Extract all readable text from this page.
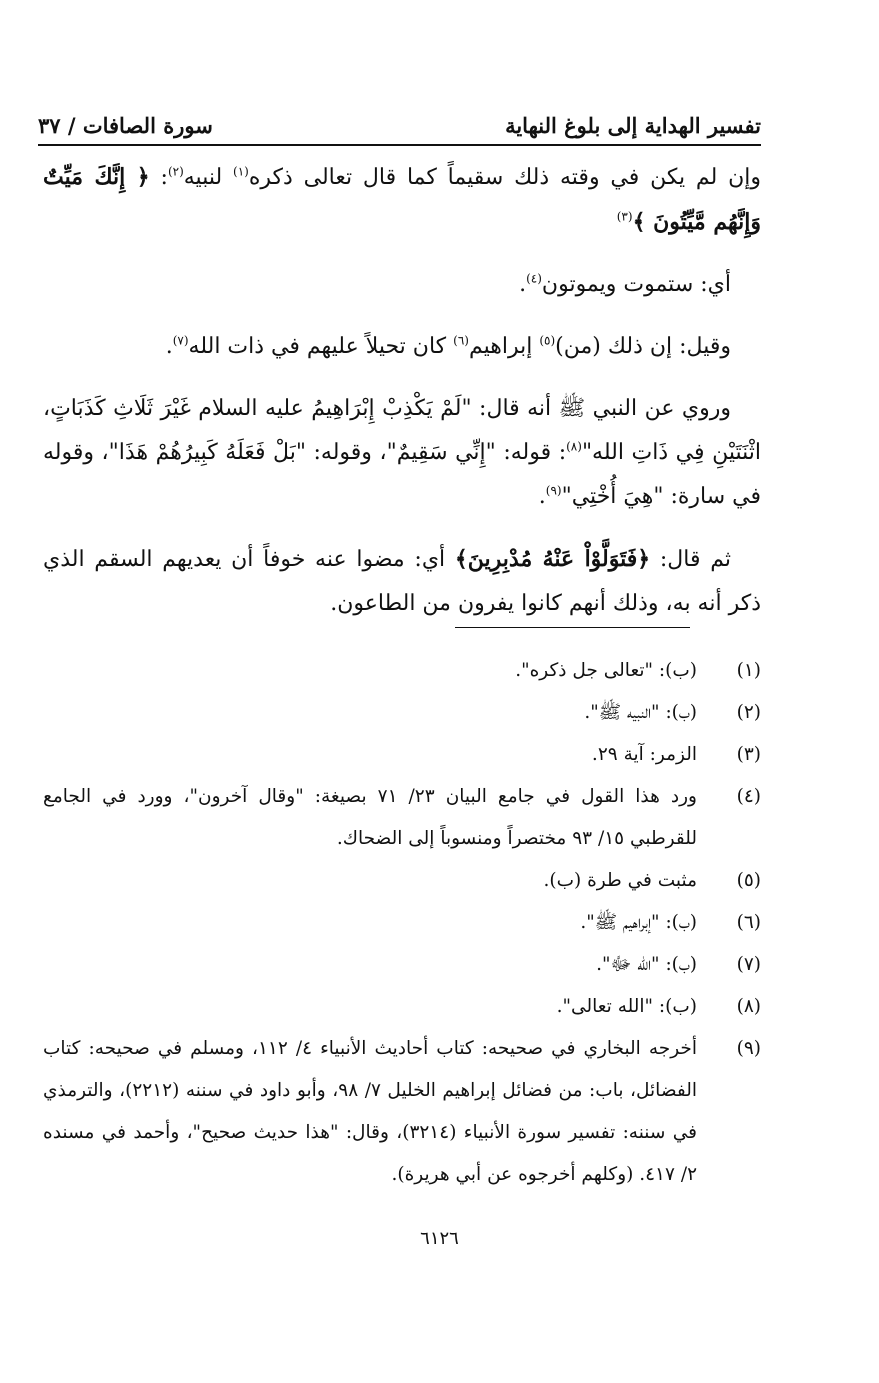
تفسير الهداية إلى بلوغ النهاية
سورة الصافات / ٣٧

وإن لم يكن في وقته ذلك سقيماً كما قال تعالى ذكره$^{(١)}$ لنبيه$^{(٢)}$: ﴿ إِنَّكَ مَيِّتٌ وَإِنَّهُم مَّيِّتُونَ ﴾$^{(٣)}$

أي: ستموت ويموتون$^{(٤)}$.

وقيل: إن ذلك (من)$^{(٥)}$ إبراهيم$^{(٦)}$ كان تحيلاً عليهم في ذات الله$^{(٧)}$.

وروي عن النبي ﷺ أنه قال: "لَمْ يَكْذِبْ إِبْرَاهِيمُ عليه السلام غَيْرَ ثَلَاثِ كَذَبَاتٍ، اثْنَتَيْنِ فِي ذَاتِ الله"$^{(٨)}$: قوله: "إِنِّي سَقِيمٌ"، وقوله: "بَلْ فَعَلَهُ كَبِيرُهُمْ هَذَا"، وقوله في سارة: "هِيَ أُخْتِي"$^{(٩)}$.

ثم قال: ﴿فَتَوَلَّوْاْ عَنْهُ مُدْبِرِينَ﴾ أي: مضوا عنه خوفاً أن يعديهم السقم الذي ذكر أنه به، وذلك أنهم كانوا يفرون من الطاعون.

(١)
(ب): "تعالى جل ذكره".
(٢)
(ب): "النبيه ﷺ".
(٣)
الزمر: آية ٢٩.
(٤)
ورد هذا القول في جامع البيان ٢٣/ ٧١ بصيغة: "وقال آخرون"، وورد في الجامع للقرطبي ١٥/ ٩٣ مختصراً ومنسوباً إلى الضحاك.
(٥)
مثبت في طرة (ب).
(٦)
(ب): "إبراهيم ﷺ".
(٧)
(ب): "الله ﷻ".
(٨)
(ب): "الله تعالى".
(٩)
أخرجه البخاري في صحيحه: كتاب أحاديث الأنبياء ٤/ ١١٢، ومسلم في صحيحه: كتاب الفضائل، باب: من فضائل إبراهيم الخليل ٧/ ٩٨، وأبو داود في سننه (٢٢١٢)، والترمذي في سننه: تفسير سورة الأنبياء (٣٢١٤)، وقال: "هذا حديث صحيح"، وأحمد في مسنده ٢/ ٤١٧. (وكلهم أخرجوه عن أبي هريرة).
٦١٢٦
